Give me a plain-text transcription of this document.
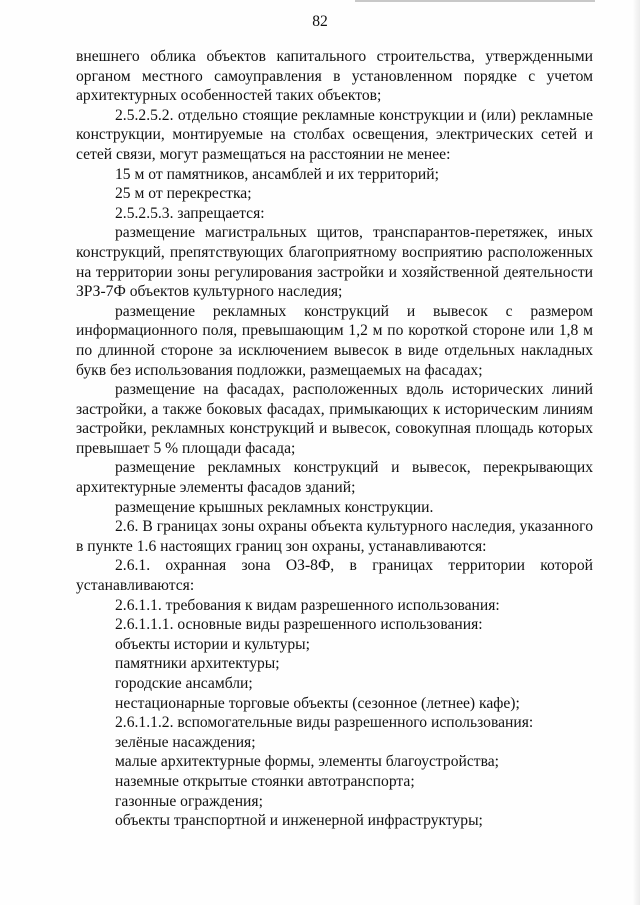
82

внешнего облика объектов капитального строительства, утвержденными органом местного самоуправления в установленном порядке с учетом архитектурных особенностей таких объектов;

2.5.2.5.2. отдельно стоящие рекламные конструкции и (или) рекламные конструкции, монтируемые на столбах освещения, электрических сетей и сетей связи, могут размещаться на расстоянии не менее:

15 м от памятников, ансамблей и их территорий;

25 м от перекрестка;

2.5.2.5.3. запрещается:

размещение магистральных щитов, транспарантов-перетяжек, иных конструкций, препятствующих благоприятному восприятию расположенных на территории зоны регулирования застройки и хозяйственной деятельности ЗРЗ-7Ф объектов культурного наследия;

размещение рекламных конструкций и вывесок с размером информационного поля, превышающим 1,2 м по короткой стороне или 1,8 м по длинной стороне за исключением вывесок в виде отдельных накладных букв без использования подложки, размещаемых на фасадах;

размещение на фасадах, расположенных вдоль исторических линий застройки, а также боковых фасадах, примыкающих к историческим линиям застройки, рекламных конструкций и вывесок, совокупная площадь которых превышает 5 % площади фасада;

размещение рекламных конструкций и вывесок, перекрывающих архитектурные элементы фасадов зданий;

размещение крышных рекламных конструкции.

2.6. В границах зоны охраны объекта культурного наследия, указанного в пункте 1.6 настоящих границ зон охраны, устанавливаются:

2.6.1. охранная зона ОЗ-8Ф, в границах территории которой устанавливаются:

2.6.1.1. требования к видам разрешенного использования:

2.6.1.1.1. основные виды разрешенного использования:

объекты истории и культуры;

памятники архитектуры;

городские ансамбли;

нестационарные торговые объекты (сезонное (летнее) кафе);

2.6.1.1.2. вспомогательные виды разрешенного использования:

зелёные насаждения;

малые архитектурные формы, элементы благоустройства;

наземные открытые стоянки автотранспорта;

газонные ограждения;

объекты транспортной и инженерной инфраструктуры;
